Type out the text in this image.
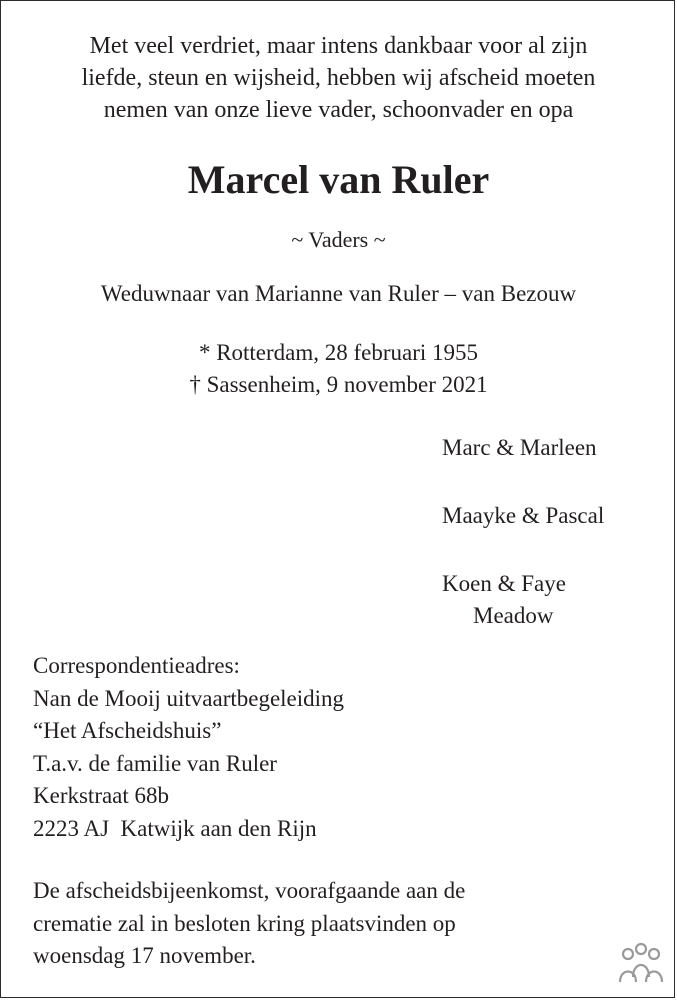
Met veel verdriet, maar intens dankbaar voor al zijn
liefde, steun en wijsheid, hebben wij afscheid moeten
nemen van onze lieve vader, schoonvader en opa
Marcel van Ruler
~ Vaders ~
Weduwnaar van Marianne van Ruler – van Bezouw
* Rotterdam, 28 februari 1955
† Sassenheim, 9 november 2021
Marc & Marleen
Maayke & Pascal
Koen & Faye
Meadow
Correspondentieadres:
Nan de Mooij uitvaartbegeleiding
“Het Afscheidshuis”
T.a.v. de familie van Ruler
Kerkstraat 68b
2223 AJ  Katwijk aan den Rijn
De afscheidsbijeenkomst, voorafgaande aan de
crematie zal in besloten kring plaatsvinden op
woensdag 17 november.
